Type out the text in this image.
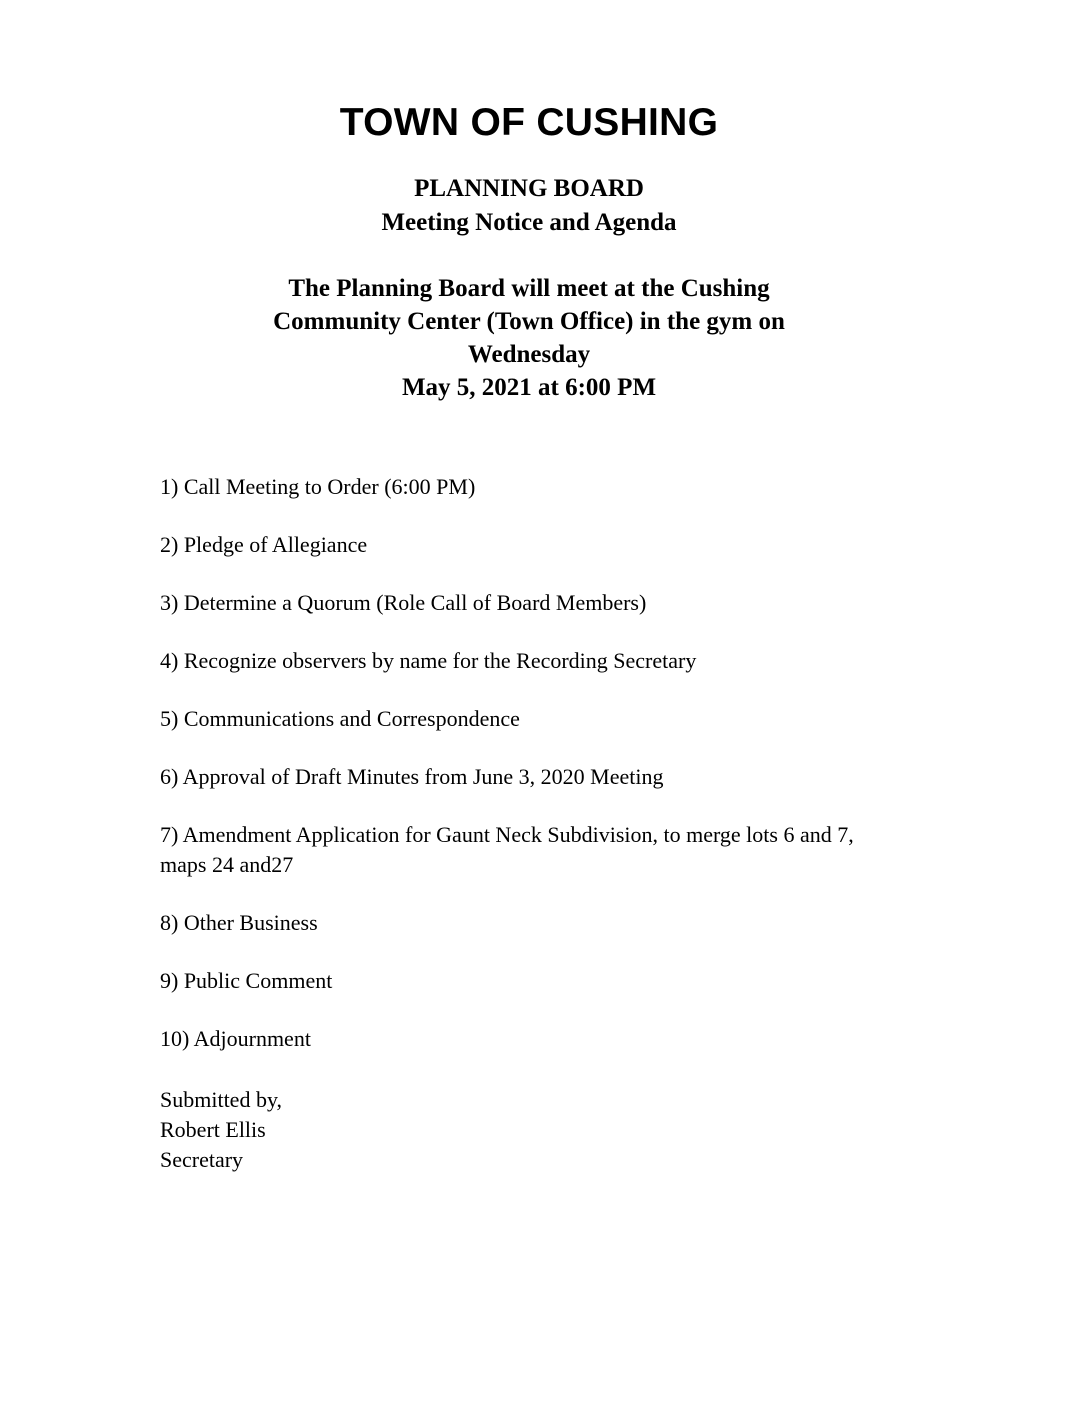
TOWN OF CUSHING
PLANNING BOARD
Meeting Notice and Agenda
The Planning Board will meet at the Cushing
Community Center (Town Office) in the gym on
Wednesday
May 5, 2021 at 6:00 PM
1) Call Meeting to Order (6:00 PM)
2) Pledge of Allegiance
3) Determine a Quorum (Role Call of Board Members)
4) Recognize observers by name for the Recording Secretary
5) Communications and Correspondence
6) Approval of Draft Minutes from June 3, 2020 Meeting
7) Amendment Application for Gaunt Neck Subdivision, to merge lots 6 and 7, maps 24 and27
8) Other Business
9) Public Comment
10) Adjournment
Submitted by,
Robert Ellis
Secretary
